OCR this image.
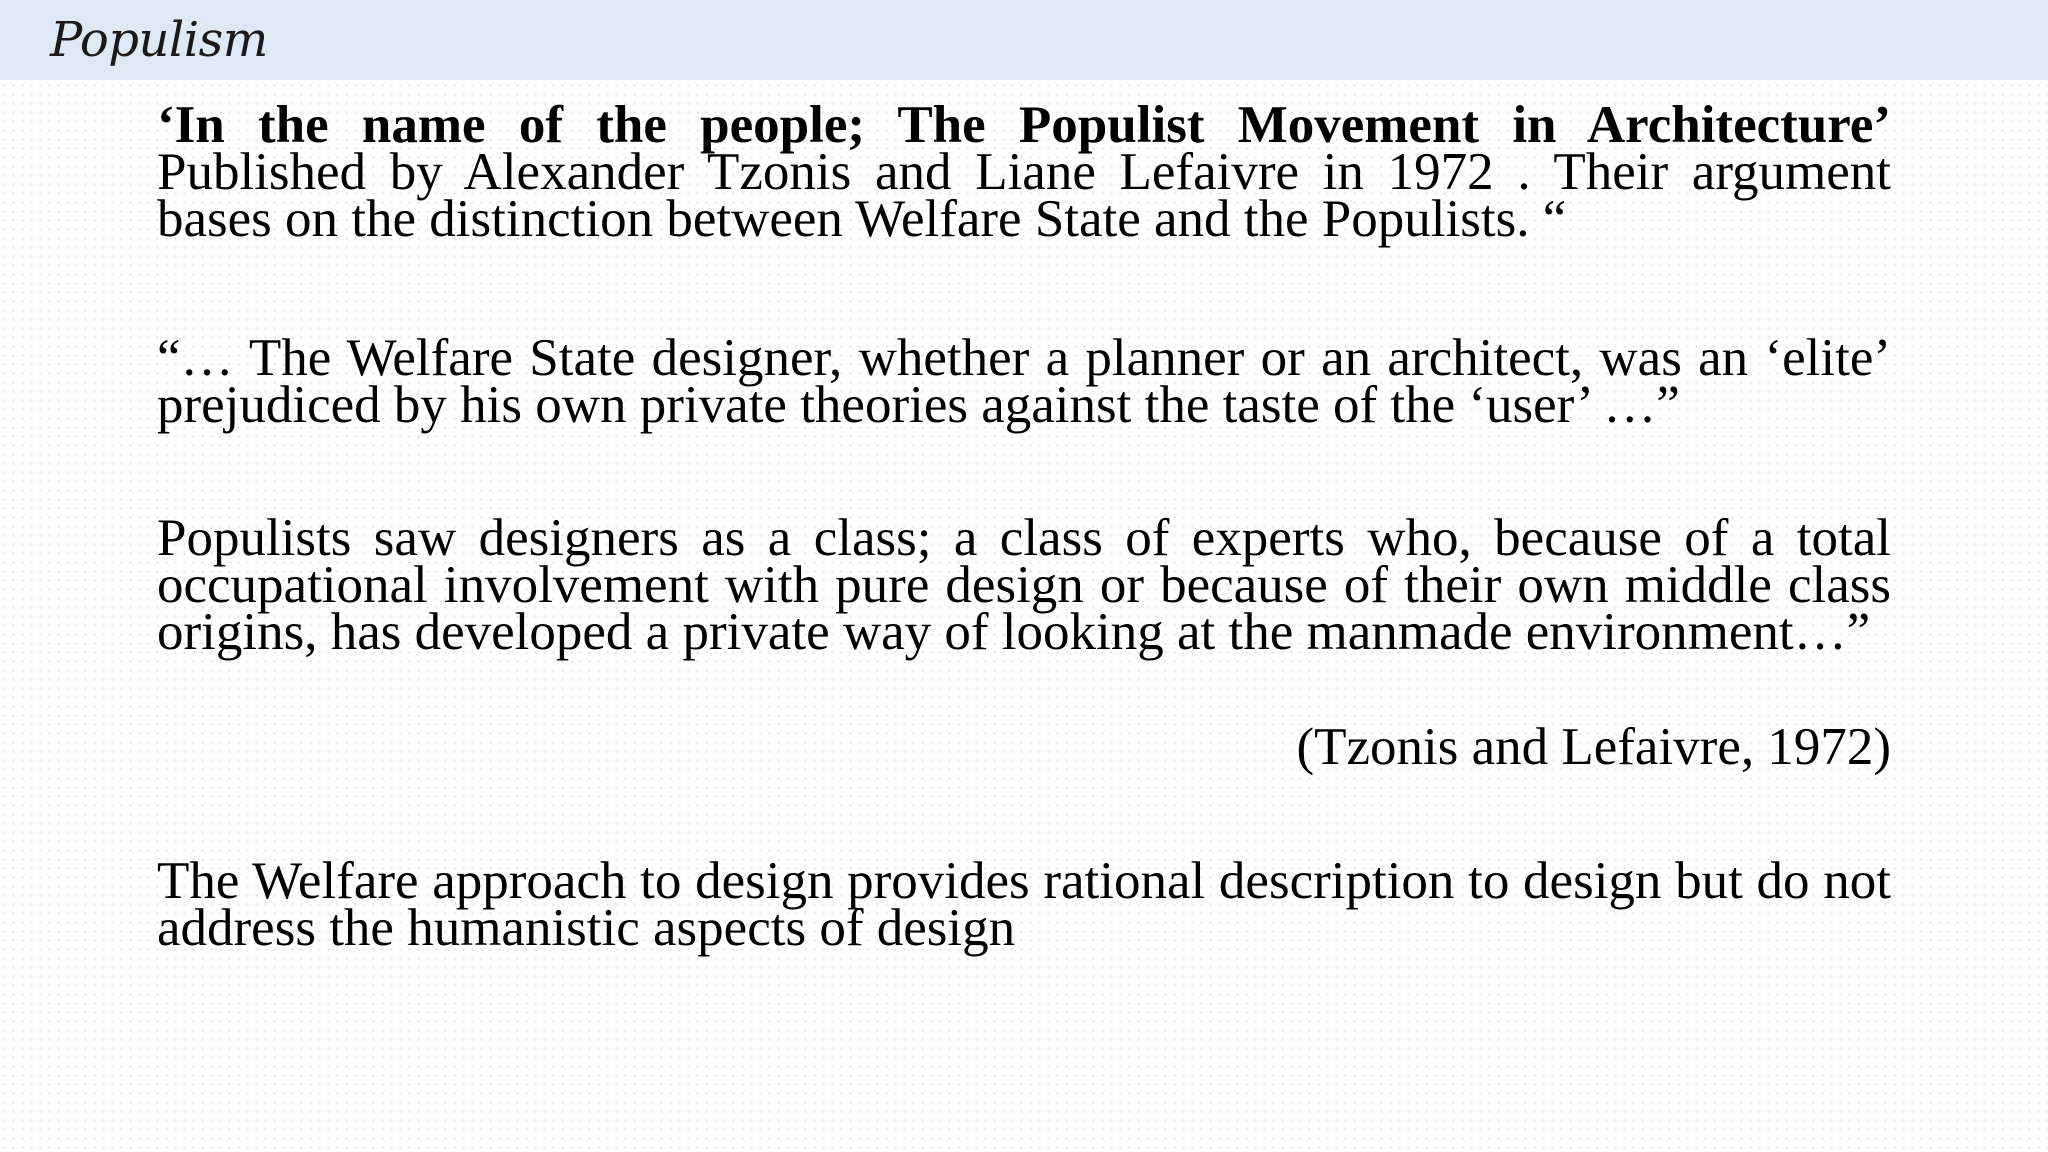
Populism

‘In the name of the people; The Populist Movement in Architecture’ Published by Alexander Tzonis and Liane Lefaivre in 1972 . Their argument bases on the distinction between Welfare State and the Populists. “

“… The Welfare State designer, whether a planner or an architect, was an ‘elite’ prejudiced by his own private theories against the taste of the ‘user’ …”

Populists saw designers as a class; a class of experts who, because of a total occupational involvement with pure design or because of their own middle class origins, has developed a private way of looking at the manmade environment…”

(Tzonis and Lefaivre, 1972)

The Welfare approach to design provides rational description to design but do not address the humanistic aspects of design
